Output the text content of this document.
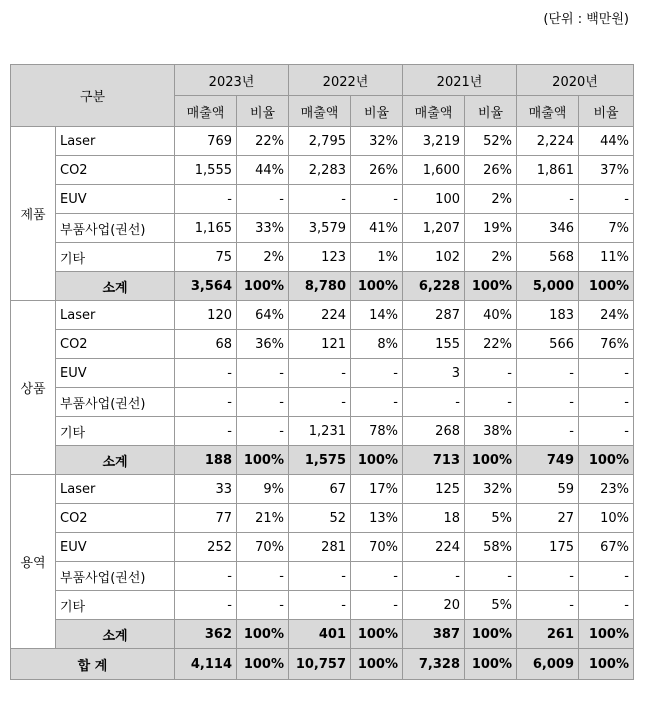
(단위 : 백만원)
구분		2023년		2022년		2021년		2020년	
		매출액	비율	매출액	비율	매출액	비율	매출액	비율
제품	Laser	769	22%	2,795	32%	3,219	52%	2,224	44%
	CO2	1,555	44%	2,283	26%	1,600	26%	1,861	37%
	EUV	-	-	-	-	100	2%	-	-
	부품사업(권선)	1,165	33%	3,579	41%	1,207	19%	346	7%
	기타	75	2%	123	1%	102	2%	568	11%
	소계	3,564	100%	8,780	100%	6,228	100%	5,000	100%
상품	Laser	120	64%	224	14%	287	40%	183	24%
	CO2	68	36%	121	8%	155	22%	566	76%
	EUV	-	-	-	-	3	-	-	-
	부품사업(권선)	-	-	-	-	-	-	-	-
	기타	-	-	1,231	78%	268	38%	-	-
	소계	188	100%	1,575	100%	713	100%	749	100%
용역	Laser	33	9%	67	17%	125	32%	59	23%
	CO2	77	21%	52	13%	18	5%	27	10%
	EUV	252	70%	281	70%	224	58%	175	67%
	부품사업(권선)	-	-	-	-	-	-	-	-
	기타	-	-	-	-	20	5%	-	-
	소계	362	100%	401	100%	387	100%	261	100%
합 계		4,114	100%	10,757	100%	7,328	100%	6,009	100%
